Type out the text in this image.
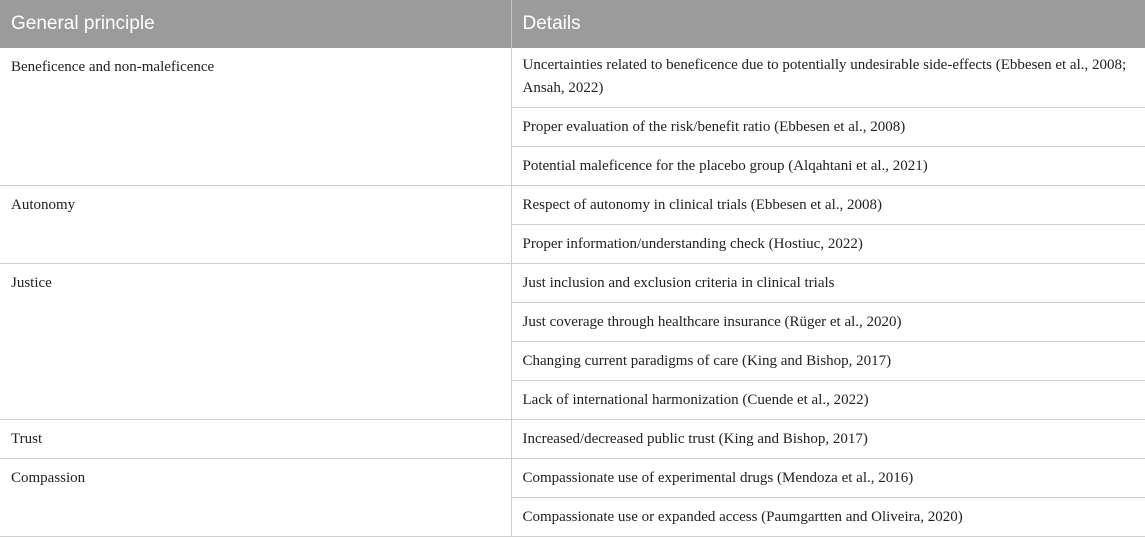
General principle	Details
Beneficence and non-maleficence	Uncertainties related to beneficence due to potentially undesirable side-effects (Ebbesen et al., 2008; Ansah, 2022)
	Proper evaluation of the risk/benefit ratio (Ebbesen et al., 2008)
	Potential maleficence for the placebo group (Alqahtani et al., 2021)
Autonomy	Respect of autonomy in clinical trials (Ebbesen et al., 2008)
	Proper information/understanding check (Hostiuc, 2022)
Justice	Just inclusion and exclusion criteria in clinical trials
	Just coverage through healthcare insurance (Rüger et al., 2020)
	Changing current paradigms of care (King and Bishop, 2017)
	Lack of international harmonization (Cuende et al., 2022)
Trust	Increased/decreased public trust (King and Bishop, 2017)
Compassion	Compassionate use of experimental drugs (Mendoza et al., 2016)
	Compassionate use or expanded access (Paumgartten and Oliveira, 2020)
